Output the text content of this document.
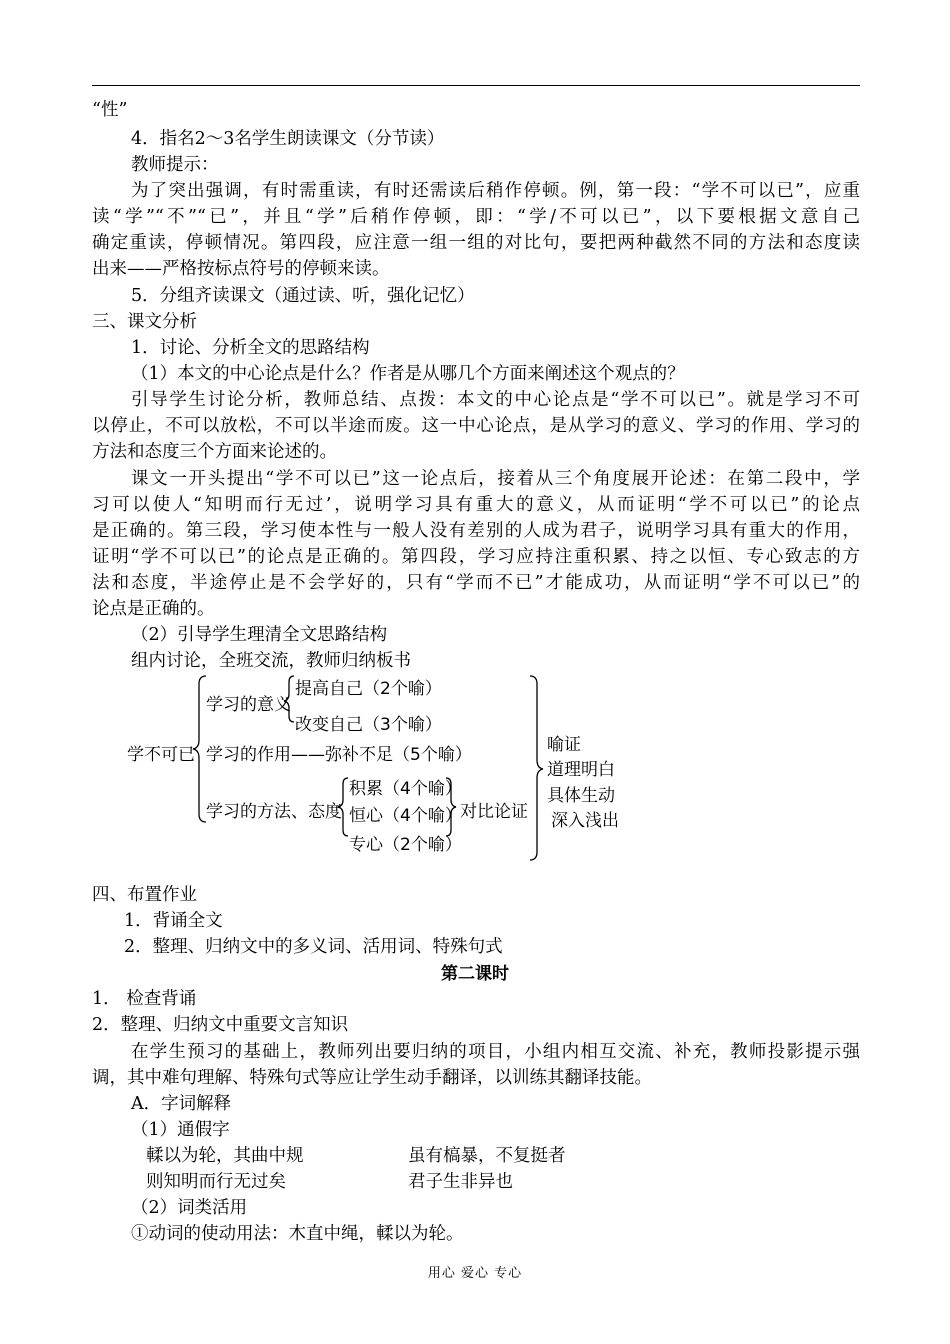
“性”
4．指名2～3名学生朗读课文（分节读）
教师提示：
为了突出强调，有时需重读，有时还需读后稍作停顿。例，第一段：“学不可以已”，应重
读“学”“不”“已”，并且“学”后稍作停顿，即：“学/不可以已”，以下要根据文意自己
确定重读，停顿情况。第四段，应注意一组一组的对比句，要把两种截然不同的方法和态度读
出来——严格按标点符号的停顿来读。
5．分组齐读课文（通过读、听，强化记忆）
三、课文分析
1．讨论、分析全文的思路结构
（1）本文的中心论点是什么？作者是从哪几个方面来阐述这个观点的？
引导学生讨论分析，教师总结、点拨：本文的中心论点是“学不可以已”。就是学习不可
以停止，不可以放松，不可以半途而废。这一中心论点，是从学习的意义、学习的作用、学习的
方法和态度三个方面来论述的。
课文一开头提出“学不可以已”这一论点后，接着从三个角度展开论述：在第二段中，学
习可以使人“知明而行无过’，说明学习具有重大的意义，从而证明“学不可以已”的论点
是正确的。第三段，学习使本性与一般人没有差别的人成为君子，说明学习具有重大的作用，
证明“学不可以已”的论点是正确的。第四段，学习应持注重积累、持之以恒、专心致志的方
法和态度，半途停止是不会学好的，只有“学而不已”才能成功，从而证明“学不可以已”的
论点是正确的。
（2）引导学生理清全文思路结构
组内讨论，全班交流，教师归纳板书
学不可已
学习的意义
提高自己（2个喻）
改变自己（3个喻）
学习的作用——弥补不足（5个喻）
学习的方法、态度
积累（4个喻）
恒心（4个喻）
专心（2个喻）
对比论证
喻证
道理明白
具体生动
深入浅出
四、布置作业
1．背诵全文
2．整理、归纳文中的多义词、活用词、特殊句式
第二课时
1． 检查背诵
2．整理、归纳文中重要文言知识
在学生预习的基础上，教师列出要归纳的项目，小组内相互交流、补充，教师投影提示强
调，其中难句理解、特殊句式等应让学生动手翻译，以训练其翻译技能。
A．字词解释
（1）通假字
輮以为轮，其曲中规	虽有槁暴，不复挺者
则知明而行无过矣	君子生非异也
（2）词类活用
①动词的使动用法：木直中绳，輮以为轮。
用心 爱心 专心
